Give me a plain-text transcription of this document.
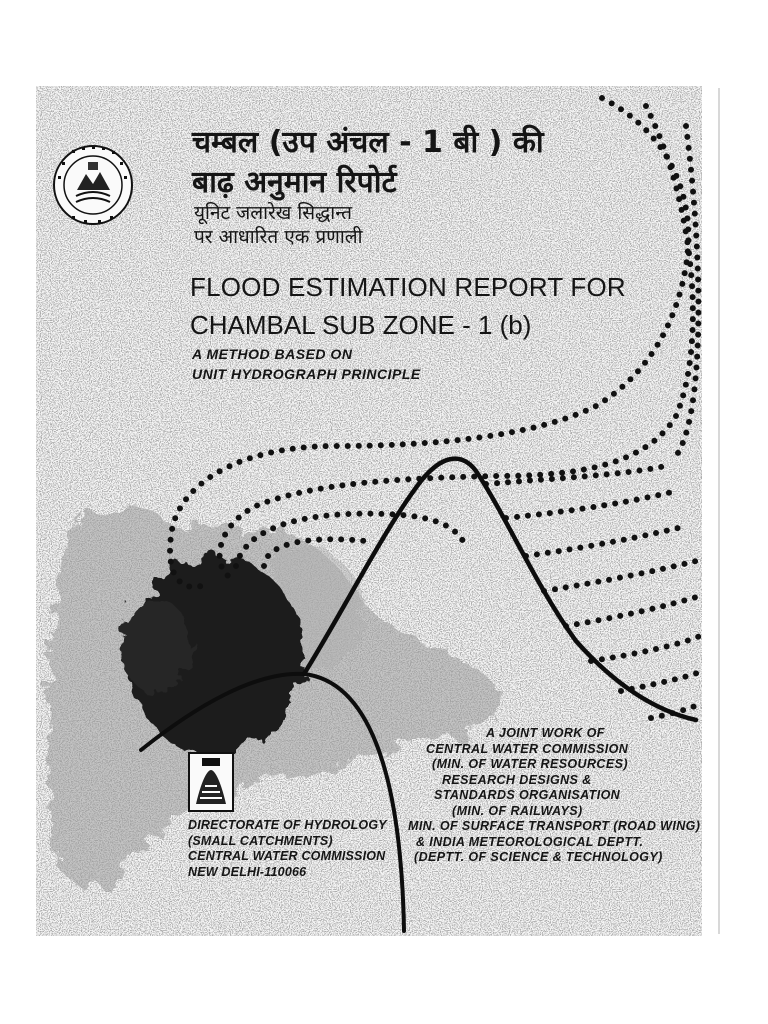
चम्बल (उप अंचल - 1 बी ) की
बाढ़ अनुमान रिपोर्ट
यूनिट जलारेख सिद्धान्त
पर आधारित एक प्रणाली
FLOOD ESTIMATION REPORT FOR
CHAMBAL SUB ZONE - 1 (b)
A METHOD BASED ON
UNIT HYDROGRAPH PRINCIPLE
DIRECTORATE OF HYDROLOGY
(SMALL CATCHMENTS)
CENTRAL WATER COMMISSION
NEW DELHI-110066
A JOINT WORK OF
CENTRAL WATER COMMISSION
(MIN. OF WATER RESOURCES)
RESEARCH DESIGNS &
STANDARDS ORGANISATION
(MIN. OF RAILWAYS)
MIN. OF SURFACE TRANSPORT (ROAD WING)
& INDIA METEOROLOGICAL DEPTT.
(DEPTT. OF SCIENCE & TECHNOLOGY)
